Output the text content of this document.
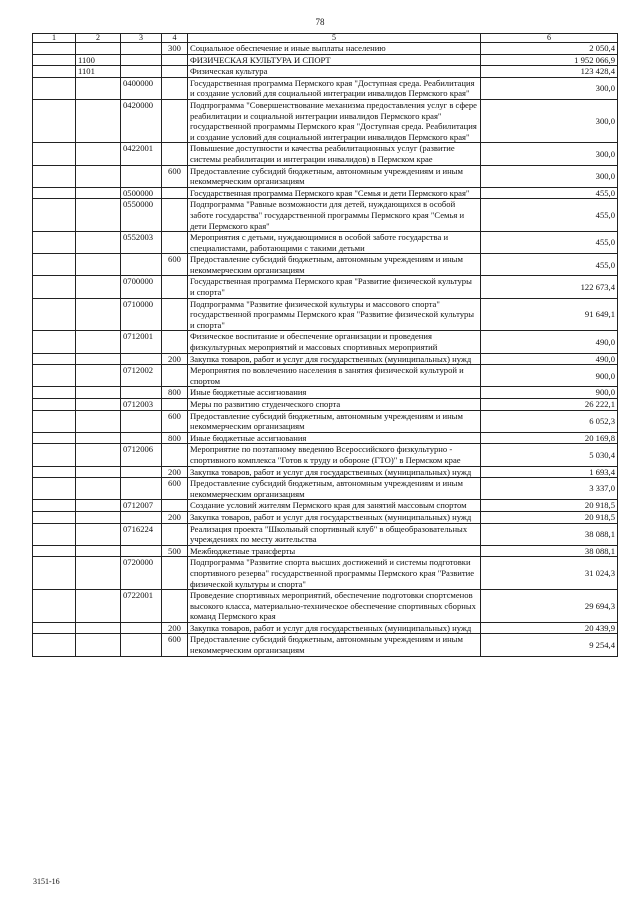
78
1	2	3	4	5	6
			300	Социальное обеспечение и иные выплаты населению	2 050,4
	1100			ФИЗИЧЕСКАЯ КУЛЬТУРА И СПОРТ	1 952 066,9
	1101			Физическая культура	123 428,4
		0400000		Государственная программа Пермского края "Доступная среда. Реабилитация и создание условий для социальной интеграции инвалидов Пермского края"	300,0
		0420000		Подпрограмма "Совершенствование механизма предоставления услуг в сфере реабилитации и социальной интеграции инвалидов Пермского края" государственной программы Пермского края "Доступная среда. Реабилитация и создание условий для социальной интеграции инвалидов Пермского края"	300,0
		0422001		Повышение доступности и качества реабилитационных услуг (развитие системы реабилитации и интеграции инвалидов) в Пермском крае	300,0
			600	Предоставление субсидий бюджетным, автономным учреждениям и иным некоммерческим организациям	300,0
		0500000		Государственная программа Пермского края "Семья и дети Пермского края"	455,0
		0550000		Подпрограмма "Равные возможности для детей, нуждающихся в особой заботе государства" государственной программы Пермского края "Семья и дети Пермского края"	455,0
		0552003		Мероприятия с детьми, нуждающимися в особой заботе государства и специалистами, работающими с такими детьми	455,0
			600	Предоставление субсидий бюджетным, автономным учреждениям и иным некоммерческим организациям	455,0
		0700000		Государственная программа Пермского края "Развитие физической культуры и спорта"	122 673,4
		0710000		Подпрограмма "Развитие физической культуры и массового спорта" государственной программы Пермского края "Развитие физической культуры и спорта"	91 649,1
		0712001		Физическое воспитание и обеспечение организации и проведения физкультурных мероприятий и массовых спортивных мероприятий	490,0
			200	Закупка товаров, работ и услуг для государственных (муниципальных) нужд	490,0
		0712002		Мероприятия по вовлечению населения в занятия физической культурой и спортом	900,0
			800	Иные бюджетные ассигнования	900,0
		0712003		Меры по развитию студенческого спорта	26 222,1
			600	Предоставление субсидий бюджетным, автономным учреждениям и иным некоммерческим организациям	6 052,3
			800	Иные бюджетные ассигнования	20 169,8
		0712006		Мероприятие по поэтапному введению Всероссийского физкультурно - спортивного комплекса "Готов к труду и обороне (ГТО)" в Пермском крае	5 030,4
			200	Закупка товаров, работ и услуг для государственных (муниципальных) нужд	1 693,4
			600	Предоставление субсидий бюджетным, автономным учреждениям и иным некоммерческим организациям	3 337,0
		0712007		Создание условий жителям Пермского края для занятий массовым спортом	20 918,5
			200	Закупка товаров, работ и услуг для государственных (муниципальных) нужд	20 918,5
		0716224		Реализация проекта "Школьный спортивный клуб" в общеобразовательных учреждениях по месту жительства	38 088,1
			500	Межбюджетные трансферты	38 088,1
		0720000		Подпрограмма "Развитие спорта высших достижений и системы подготовки спортивного резерва" государственной программы Пермского края "Развитие физической культуры и спорта"	31 024,3
		0722001		Проведение спортивных мероприятий, обеспечение подготовки спортсменов высокого класса, материально-техническое обеспечение спортивных сборных команд Пермского края	29 694,3
			200	Закупка товаров, работ и услуг для государственных (муниципальных) нужд	20 439,9
			600	Предоставление субсидий бюджетным, автономным учреждениям и иным некоммерческим организациям	9 254,4
3151-16
